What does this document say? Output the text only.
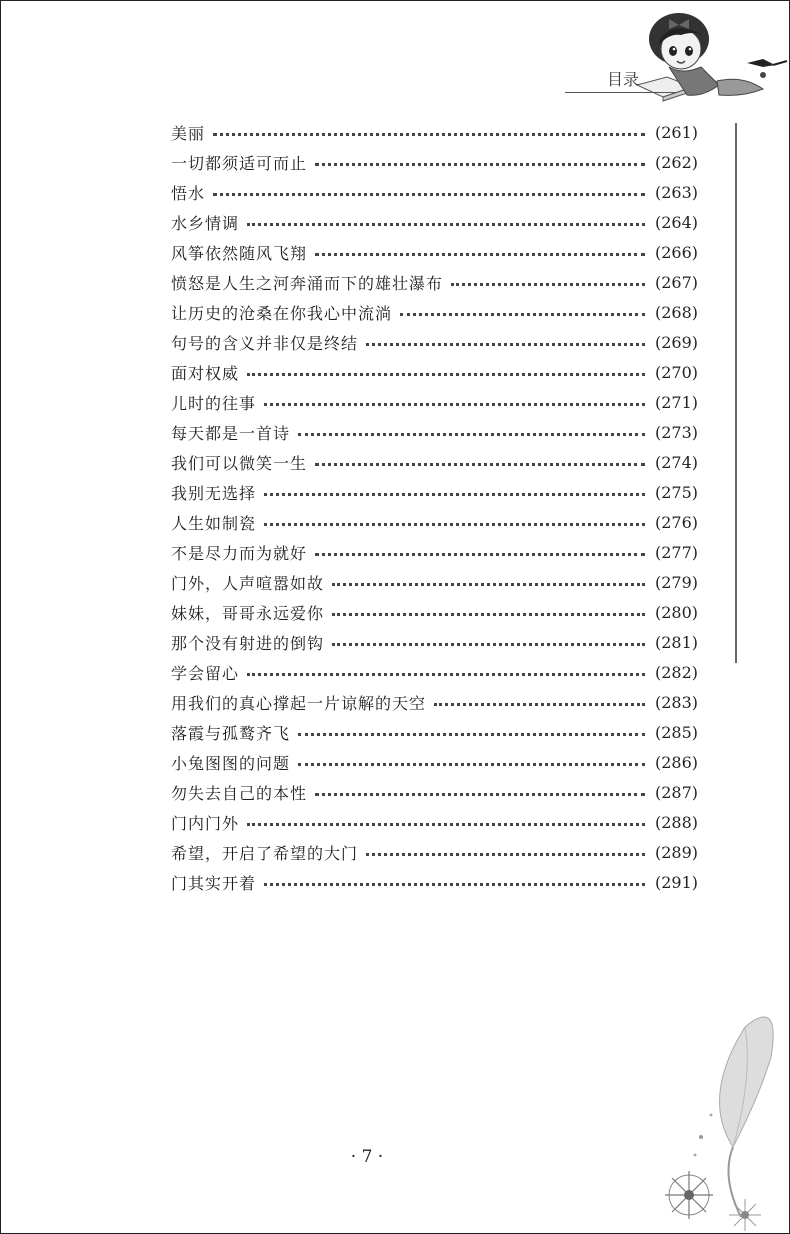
目录
美丽	(261)
一切都须适可而止	(262)
悟水	(263)
水乡情调	(264)
风筝依然随风飞翔	(266)
愤怒是人生之河奔涌而下的雄壮瀑布	(267)
让历史的沧桑在你我心中流淌	(268)
句号的含义并非仅是终结	(269)
面对权威	(270)
儿时的往事	(271)
每天都是一首诗	(273)
我们可以微笑一生	(274)
我别无选择	(275)
人生如制瓷	(276)
不是尽力而为就好	(277)
门外，人声喧嚣如故	(279)
妹妹，哥哥永远爱你	(280)
那个没有射进的倒钩	(281)
学会留心	(282)
用我们的真心撑起一片谅解的天空	(283)
落霞与孤鹜齐飞	(285)
小兔图图的问题	(286)
勿失去自己的本性	(287)
门内门外	(288)
希望，开启了希望的大门	(289)
门其实开着	(291)
· 7 ·
